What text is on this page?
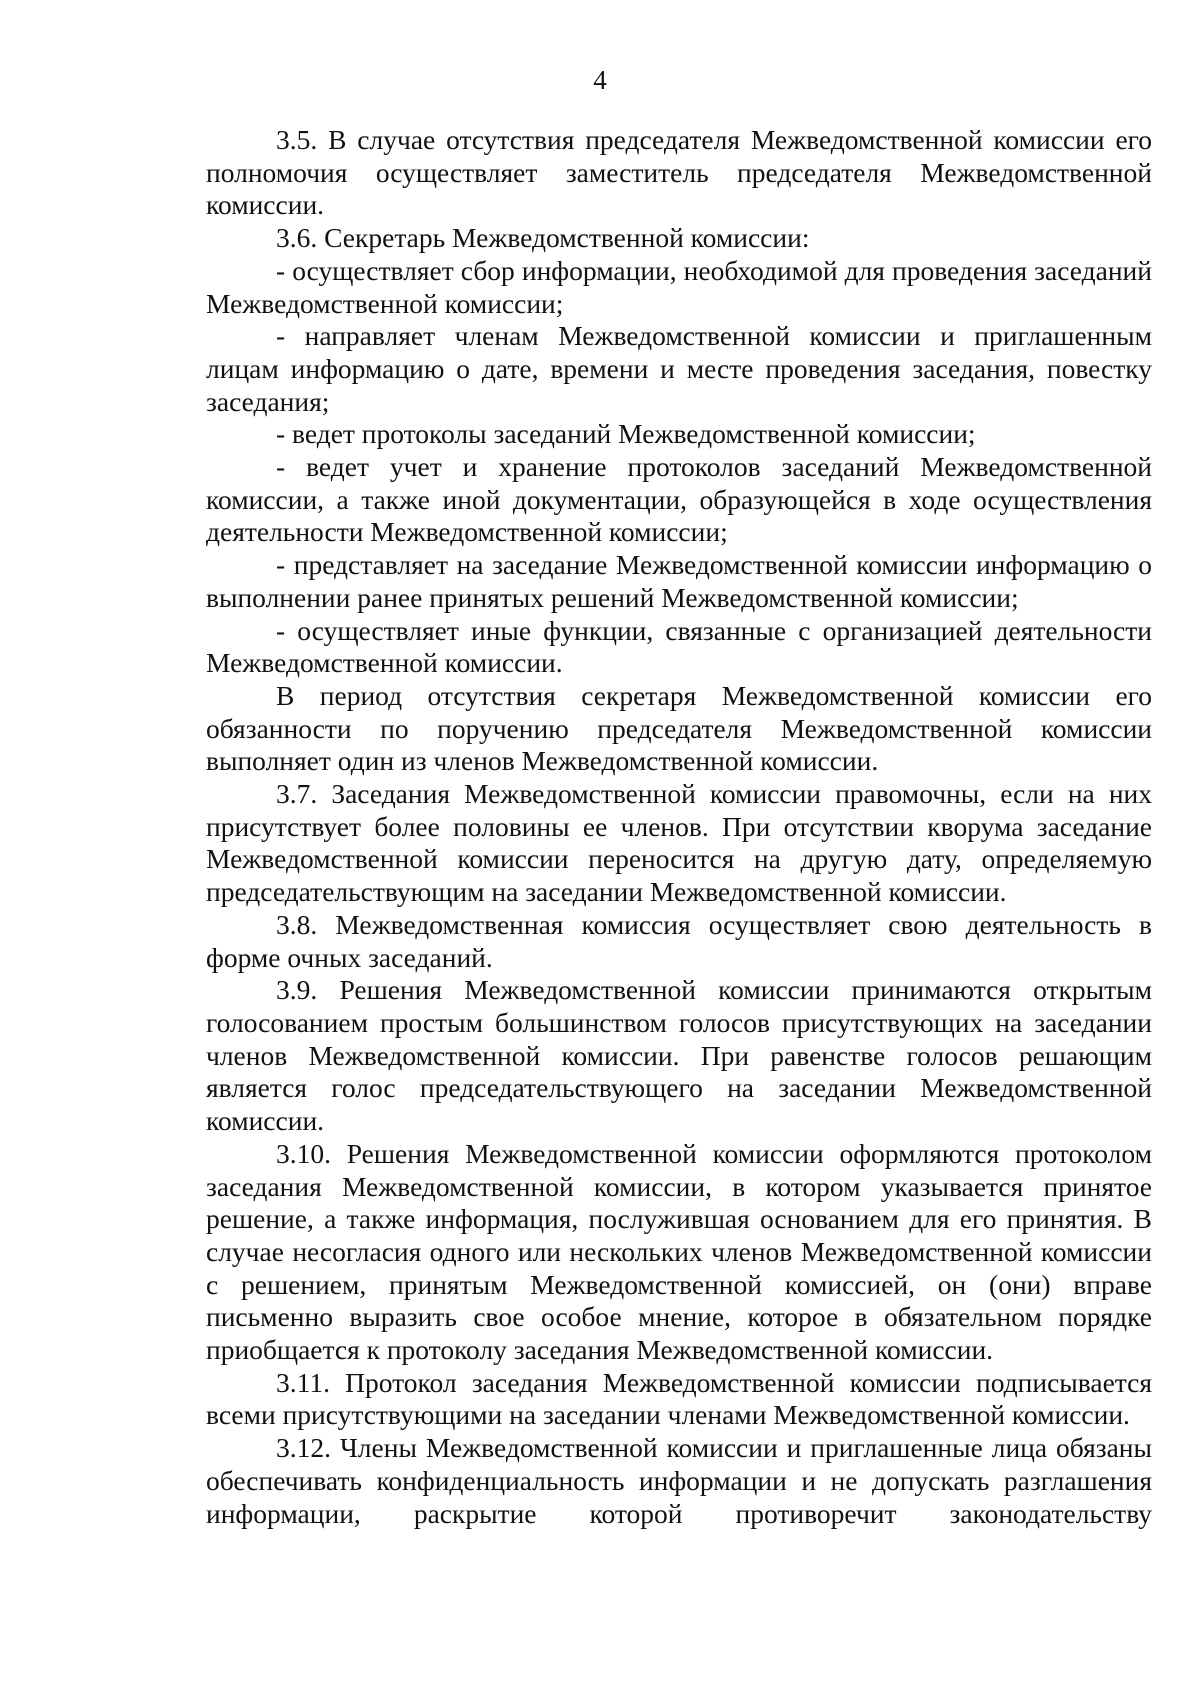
4

3.5. В случае отсутствия председателя Межведомственной комиссии его полномочия осуществляет заместитель председателя Межведомственной комиссии.

3.6. Секретарь Межведомственной комиссии:

- осуществляет сбор информации, необходимой для проведения заседаний Межведомственной комиссии;

- направляет членам Межведомственной комиссии и приглашенным лицам информацию о дате, времени и месте проведения заседания, повестку заседания;

- ведет протоколы заседаний Межведомственной комиссии;

- ведет учет и хранение протоколов заседаний Межведомственной комиссии, а также иной документации, образующейся в ходе осуществления деятельности Межведомственной комиссии;

- представляет на заседание Межведомственной комиссии информацию о выполнении ранее принятых решений Межведомственной комиссии;

- осуществляет иные функции, связанные с организацией деятельности Межведомственной комиссии.

В период отсутствия секретаря Межведомственной комиссии его обязанности по поручению председателя Межведомственной комиссии выполняет один из членов Межведомственной комиссии.

3.7. Заседания Межведомственной комиссии правомочны, если на них присутствует более половины ее членов. При отсутствии кворума заседание Межведомственной комиссии переносится на другую дату, определяемую председательствующим на заседании Межведомственной комиссии.

3.8. Межведомственная комиссия осуществляет свою деятельность в форме очных заседаний.

3.9. Решения Межведомственной комиссии принимаются открытым голосованием простым большинством голосов присутствующих на заседании членов Межведомственной комиссии. При равенстве голосов решающим является голос председательствующего на заседании Межведомственной комиссии.

3.10. Решения Межведомственной комиссии оформляются протоколом заседания Межведомственной комиссии, в котором указывается принятое решение, а также информация, послужившая основанием для его принятия. В случае несогласия одного или нескольких членов Межведомственной комиссии с решением, принятым Межведомственной комиссией, он (они) вправе письменно выразить свое особое мнение, которое в обязательном порядке приобщается к протоколу заседания Межведомственной комиссии.

3.11. Протокол заседания Межведомственной комиссии подписывается всеми присутствующими на заседании членами Межведомственной комиссии.

3.12. Члены Межведомственной комиссии и приглашенные лица обязаны обеспечивать конфиденциальность информации и не допускать разглашения информации, раскрытие которой противоречит законодательству
